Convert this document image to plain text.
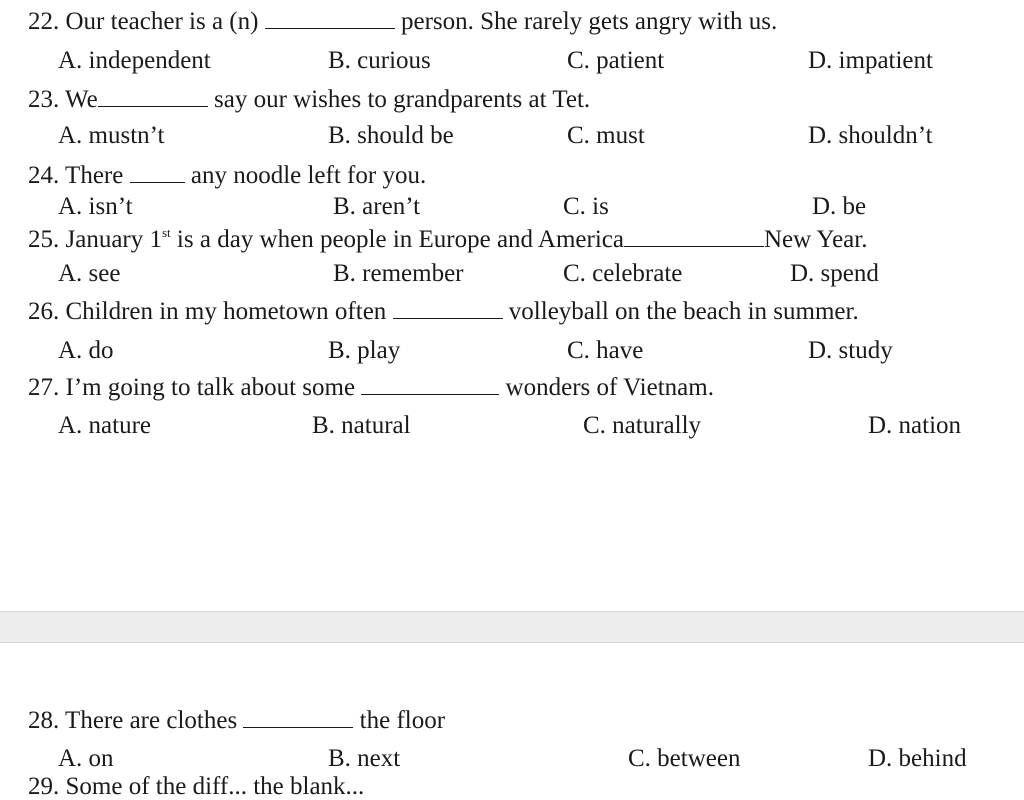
22. Our teacher is a (n)	person. She rarely gets angry with us.
A. independent	B. curious	C. patient	D. impatient
23. We	say our wishes to grandparents at Tet.
A. mustn’t	B. should be	C. must	D. shouldn’t
24. There  any noodle left for you.
A. isn’t	B. aren’t	C. is	D. be
25. January 1st is a day when people in Europe and America	New Year.
A. see	B. remember	C. celebrate	D. spend
26. Children in my hometown often	volleyball on the beach in summer.
A. do	B. play	C. have	D. study
27. I’m going to talk about some	wonders of Vietnam.
A. nature	B. natural	C. naturally	D. nation
28. There are clothes	the floor
A. on	B. next	C. between	D. behind
29. Some of the diff... the blank...
